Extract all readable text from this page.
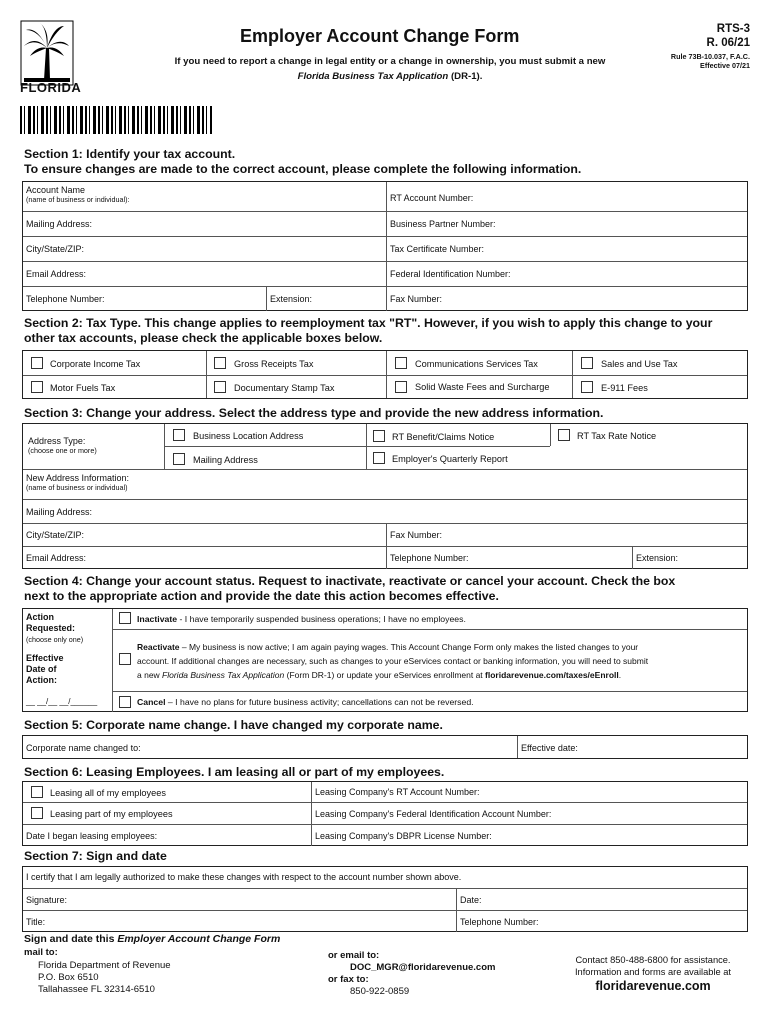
FLORIDA
Employer Account Change Form
If you need to report a change in legal entity or a change in ownership, you must submit a new
Florida Business Tax Application (DR-1).
RTS-3
R. 06/21
Rule 73B-10.037, F.A.C.
Effective 07/21
Section 1: Identify your tax account.
To ensure changes are made to the correct account, please complete the following information.
Account Name
(name of business or individual):	RT Account Number:
Mailing Address:	Business Partner Number:
City/State/ZIP:	Tax Certificate Number:
Email Address:	Federal Identification Number:
Telephone Number:	Extension:	Fax Number:
Section 2: Tax Type. This change applies to reemployment tax "RT". However, if you wish to apply this change to your
other tax accounts, please check the applicable boxes below.
Corporate Income Tax	Gross Receipts Tax	Communications Services Tax	Sales and Use Tax
Motor Fuels Tax	Documentary Stamp Tax	Solid Waste Fees and Surcharge	E-911 Fees
Section 3: Change your address. Select the address type and provide the new address information.
Address Type:
(choose one or more)
Business Location Address	RT Benefit/Claims Notice	RT Tax Rate Notice
Mailing Address	Employer's Quarterly Report
New Address Information:
(name of business or individual)
Mailing Address:
City/State/ZIP:	Fax Number:
Email Address:	Telephone Number:	Extension:
Section 4: Change your account status. Request to inactivate, reactivate or cancel your account. Check the box
next to the appropriate action and provide the date this action becomes effective.
Action
Requested:
(choose only one)
Effective
Date of
Action:
__ __/__ __/______
Inactivate - I have temporarily suspended business operations; I have no employees.
Reactivate – My business is now active; I am again paying wages. This Account Change Form only makes the listed changes to your
account. If additional changes are necessary, such as changes to your eServices contact or banking information, you will need to submit
a new Florida Business Tax Application (Form DR-1) or update your eServices enrollment at floridarevenue.com/taxes/eEnroll.
Cancel – I have no plans for future business activity; cancellations can not be reversed.
Section 5: Corporate name change. I have changed my corporate name.
Corporate name changed to:	Effective date:
Section 6: Leasing Employees. I am leasing all or part of my employees.
Leasing all of my employees	Leasing Company's RT Account Number:
Leasing part of my employees	Leasing Company's Federal Identification Account Number:
Date I began leasing employees:	Leasing Company's DBPR License Number:
Section 7: Sign and date
I certify that I am legally authorized to make these changes with respect to the account number shown above.
Signature:	Date:
Title:	Telephone Number:
Sign and date this Employer Account Change Form
mail to:
Florida Department of Revenue
P.O. Box 6510
Tallahassee FL 32314-6510
or email to:
DOC_MGR@floridarevenue.com
or fax to:
850-922-0859
Contact 850-488-6800 for assistance.
Information and forms are available at
floridarevenue.com
